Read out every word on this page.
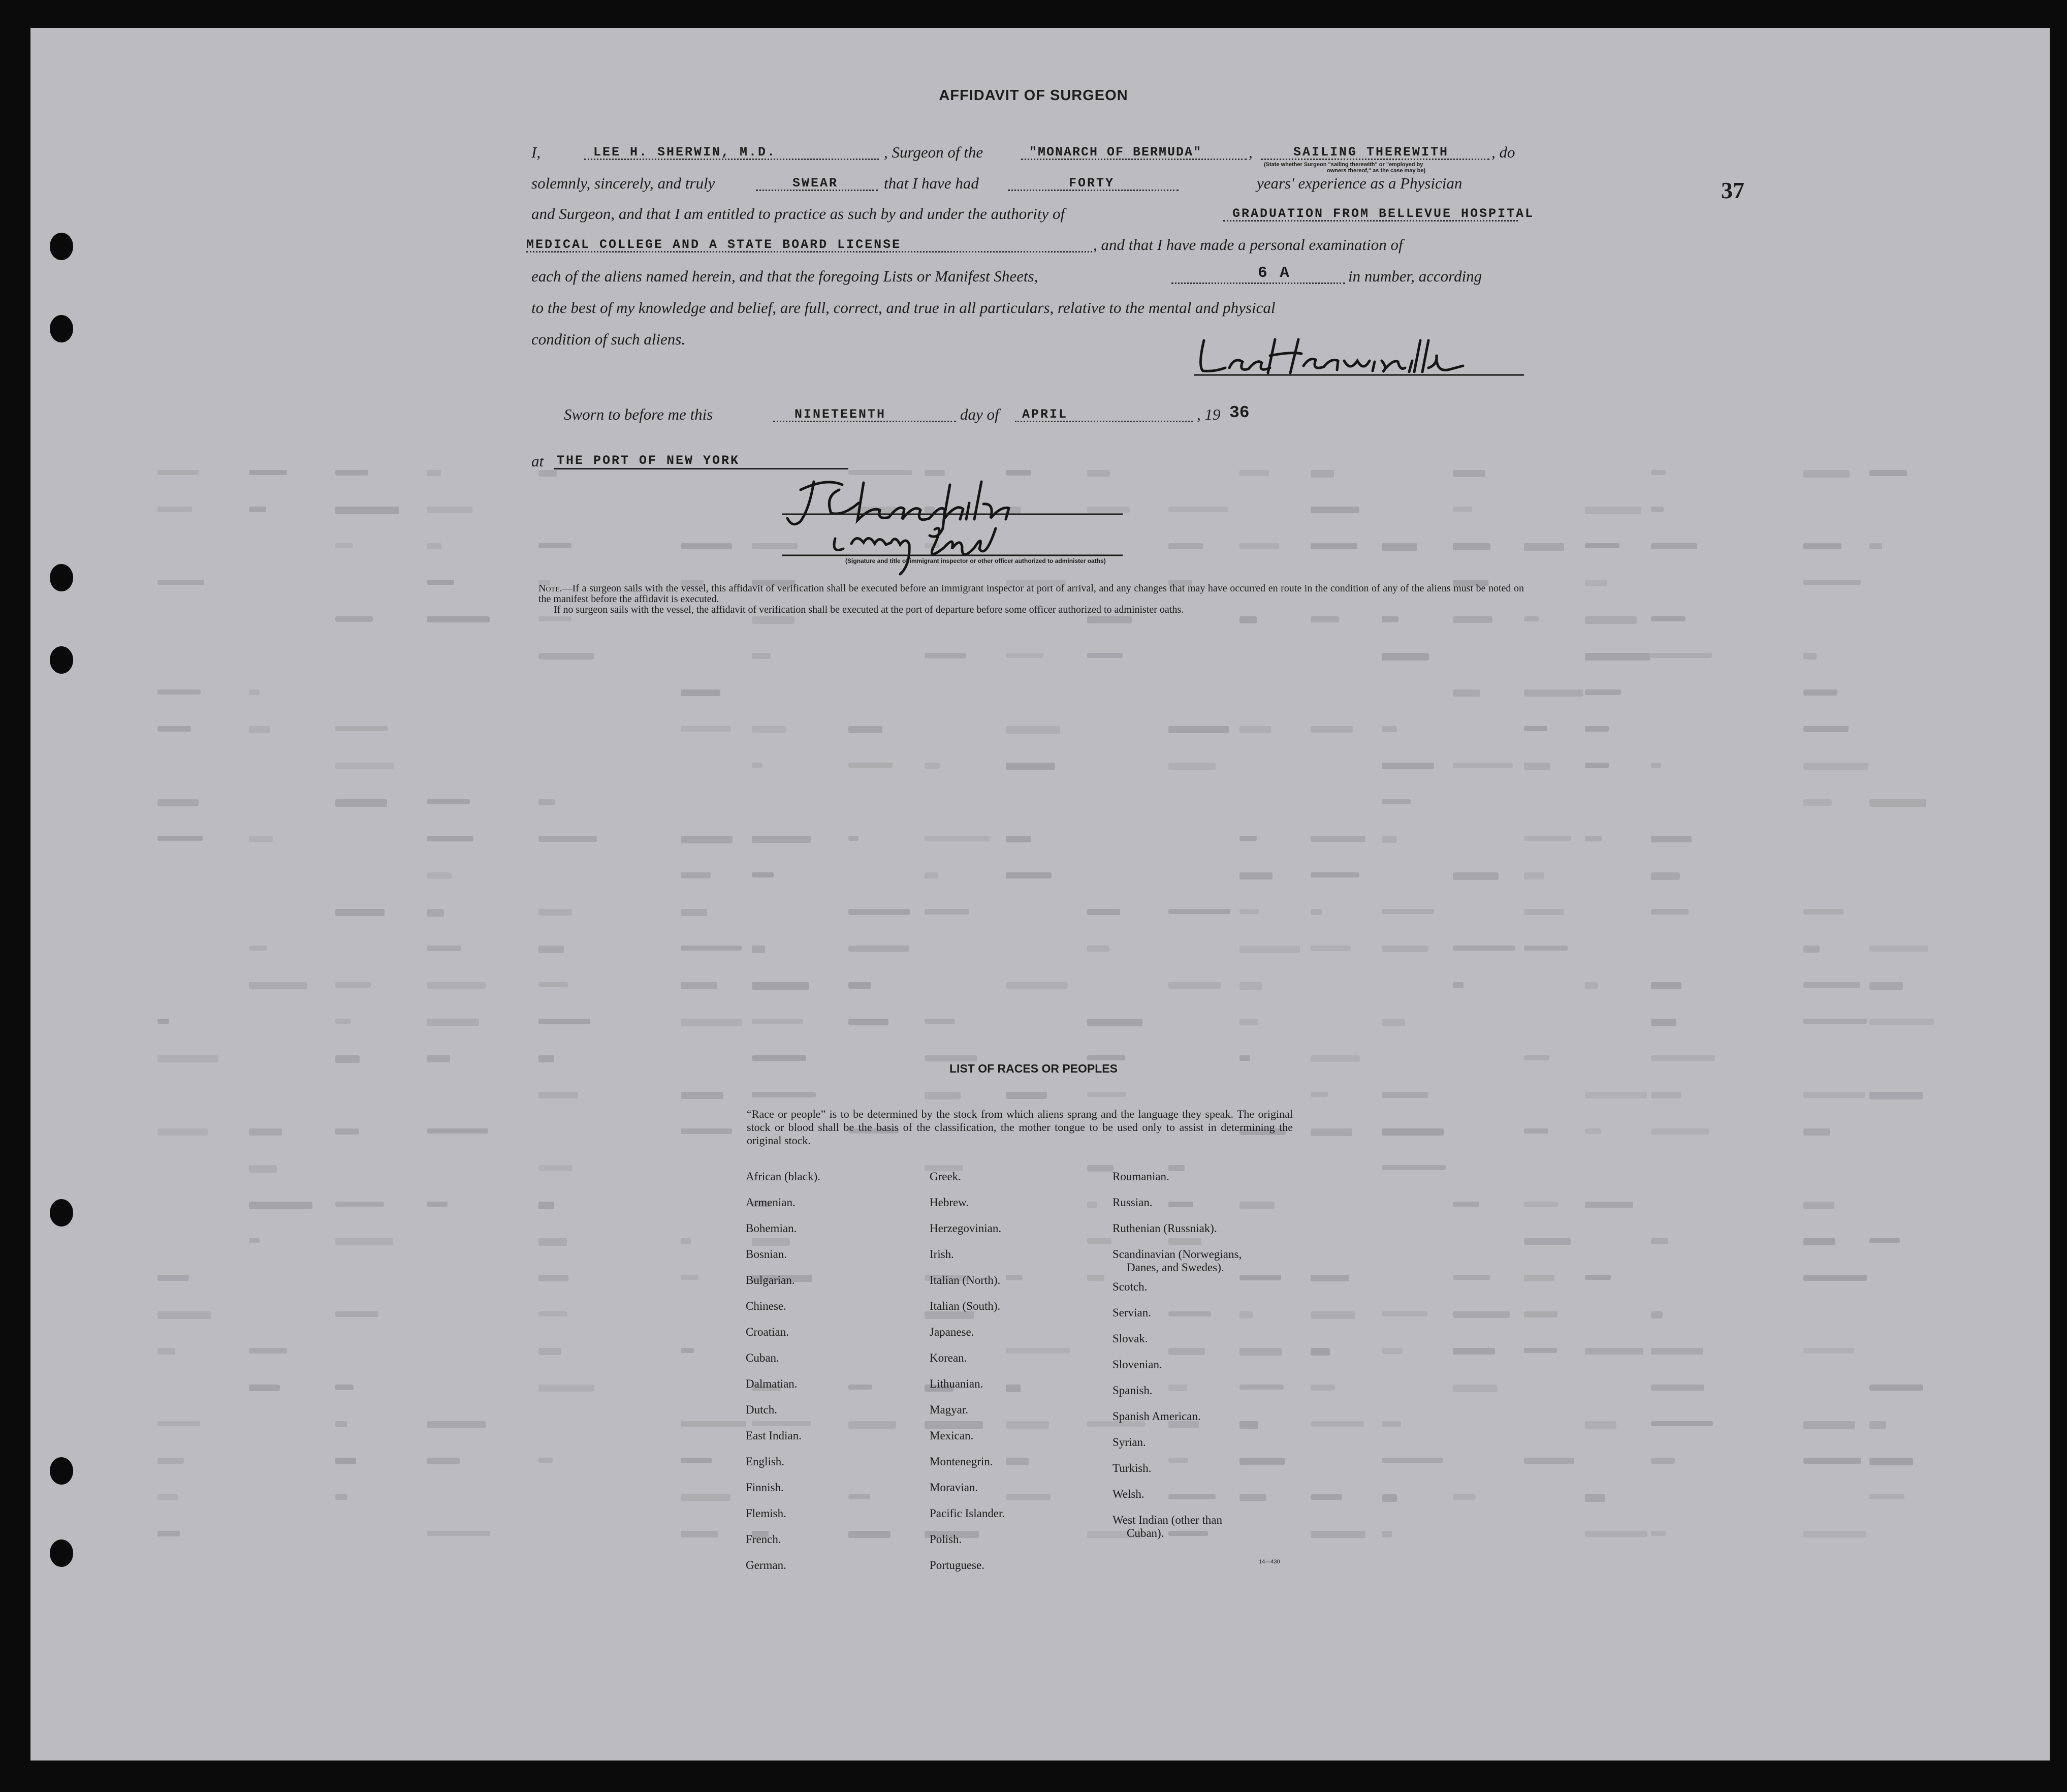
37
AFFIDAVIT OF SURGEON
I,	LEE H. SHERWIN, M.D.	, Surgeon of the	"MONARCH OF BERMUDA"	,	SAILING THEREWITH	, do
(State whether Surgeon "sailing therewith" or "employed by
owners thereof," as the case may be)
solemnly, sincerely, and truly	SWEAR	that I have had	FORTY	years' experience as a Physician
and Surgeon, and that I am entitled to practice as such by and under the authority of	GRADUATION FROM BELLEVUE HOSPITAL
MEDICAL COLLEGE AND A STATE BOARD LICENSE	, and that I have made a personal examination of
each of the aliens named herein, and that the foregoing Lists or Manifest Sheets,	6 A	in number, according
to the best of my knowledge and belief, are full, correct, and true in all particulars, relative to the mental and physical
condition of such aliens.
Sworn to before me this	NINETEENTH	day of APRIL	, 19 36
at THE PORT OF NEW YORK
(Signature and title of immigrant inspector or other officer authorized to administer oaths)
Note.—If a surgeon sails with the vessel, this affidavit of verification shall be executed before an immigrant inspector at port of arrival, and any changes that may have occurred en route in the condition of any of the aliens must be noted on the manifest before the affidavit is executed.
If no surgeon sails with the vessel, the affidavit of verification shall be executed at the port of departure before some officer authorized to administer oaths.
LIST OF RACES OR PEOPLES
“Race or people” is to be determined by the stock from which aliens sprang and the language they speak. The original stock or blood shall be the basis of the classification, the mother tongue to be used only to assist in determining the original stock.
African (black).
Armenian.
Bohemian.
Bosnian.
Bulgarian.
Chinese.
Croatian.
Cuban.
Dalmatian.
Dutch.
East Indian.
English.
Finnish.
Flemish.
French.
German.
Greek.
Hebrew.
Herzegovinian.
Irish.
Italian (North).
Italian (South).
Japanese.
Korean.
Lithuanian.
Magyar.
Mexican.
Montenegrin.
Moravian.
Pacific Islander.
Polish.
Portuguese.
Roumanian.
Russian.
Ruthenian (Russniak).
Scandinavian (Norwegians,
Danes, and Swedes).
Scotch.
Servian.
Slovak.
Slovenian.
Spanish.
Spanish American.
Syrian.
Turkish.
Welsh.
West Indian (other than
Cuban).
14—430
